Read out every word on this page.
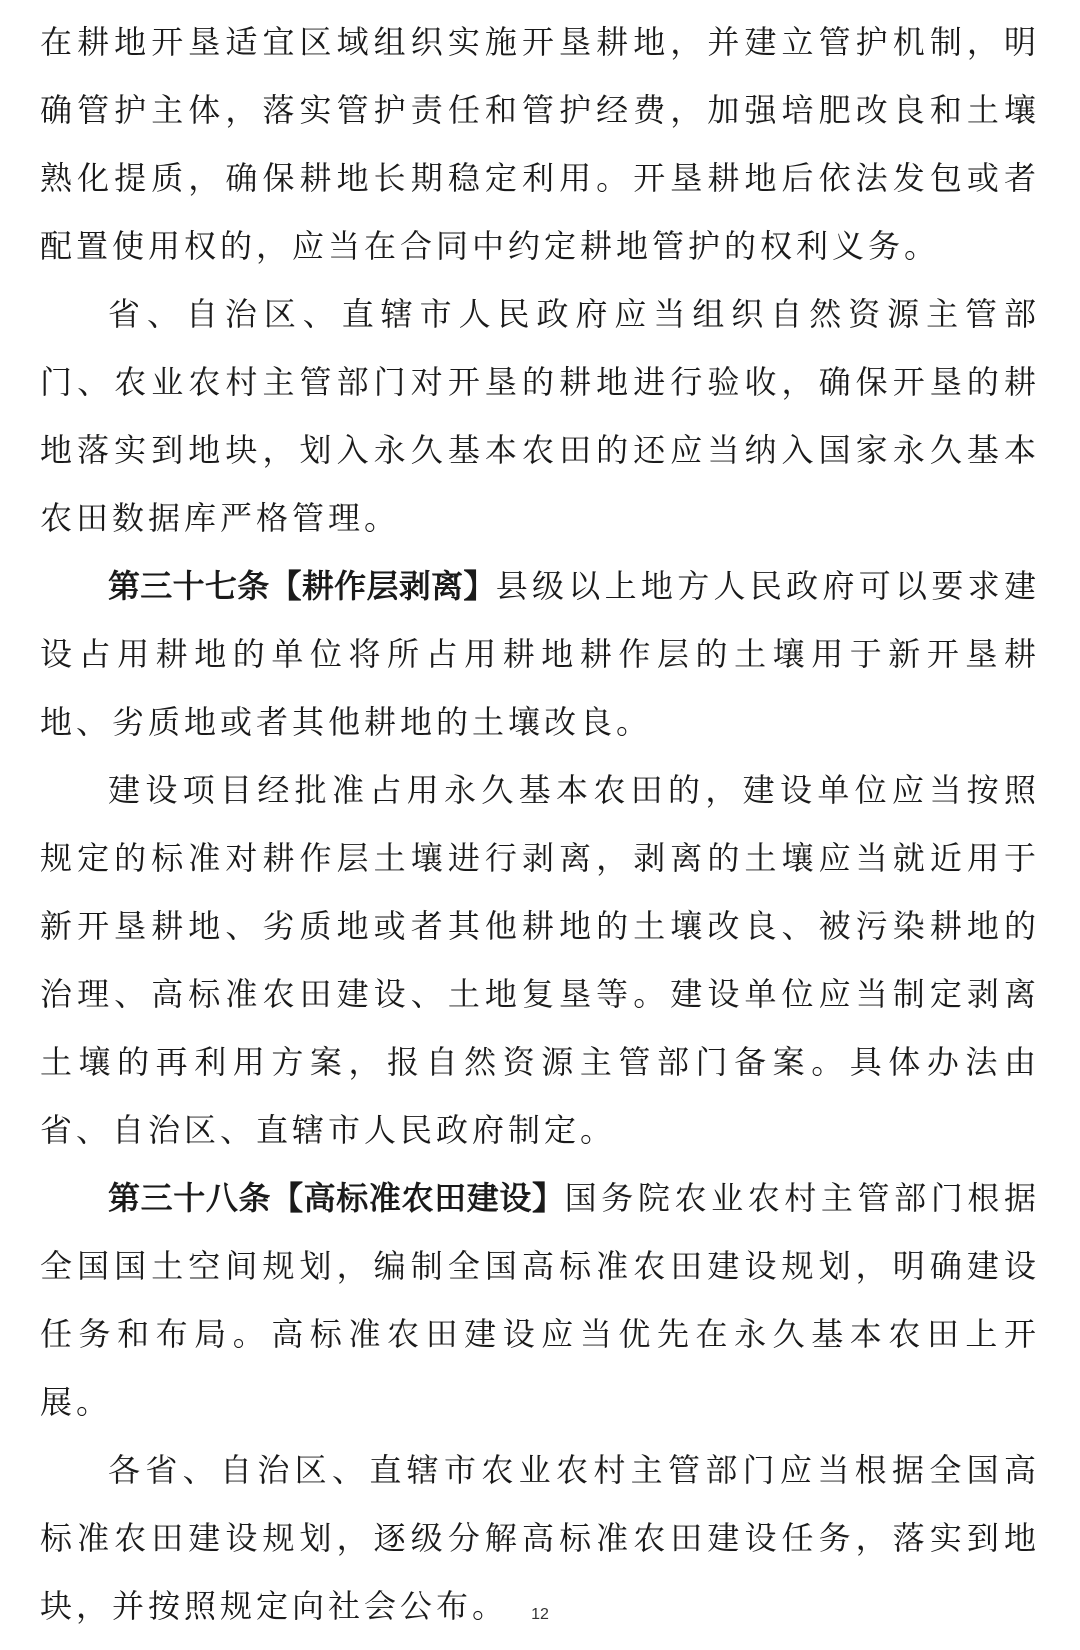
在耕地开垦适宜区域组织实施开垦耕地，并建立管护机制，明确管护主体，落实管护责任和管护经费，加强培肥改良和土壤熟化提质，确保耕地长期稳定利用。开垦耕地后依法发包或者配置使用权的，应当在合同中约定耕地管护的权利义务。

省、自治区、直辖市人民政府应当组织自然资源主管部门、农业农村主管部门对开垦的耕地进行验收，确保开垦的耕地落实到地块，划入永久基本农田的还应当纳入国家永久基本农田数据库严格管理。

第三十七条【耕作层剥离】县级以上地方人民政府可以要求建设占用耕地的单位将所占用耕地耕作层的土壤用于新开垦耕地、劣质地或者其他耕地的土壤改良。

建设项目经批准占用永久基本农田的，建设单位应当按照规定的标准对耕作层土壤进行剥离，剥离的土壤应当就近用于新开垦耕地、劣质地或者其他耕地的土壤改良、被污染耕地的治理、高标准农田建设、土地复垦等。建设单位应当制定剥离土壤的再利用方案，报自然资源主管部门备案。具体办法由省、自治区、直辖市人民政府制定。

第三十八条【高标准农田建设】国务院农业农村主管部门根据全国国土空间规划，编制全国高标准农田建设规划，明确建设任务和布局。高标准农田建设应当优先在永久基本农田上开展。

各省、自治区、直辖市农业农村主管部门应当根据全国高标准农田建设规划，逐级分解高标准农田建设任务，落实到地块，并按照规定向社会公布。	12
